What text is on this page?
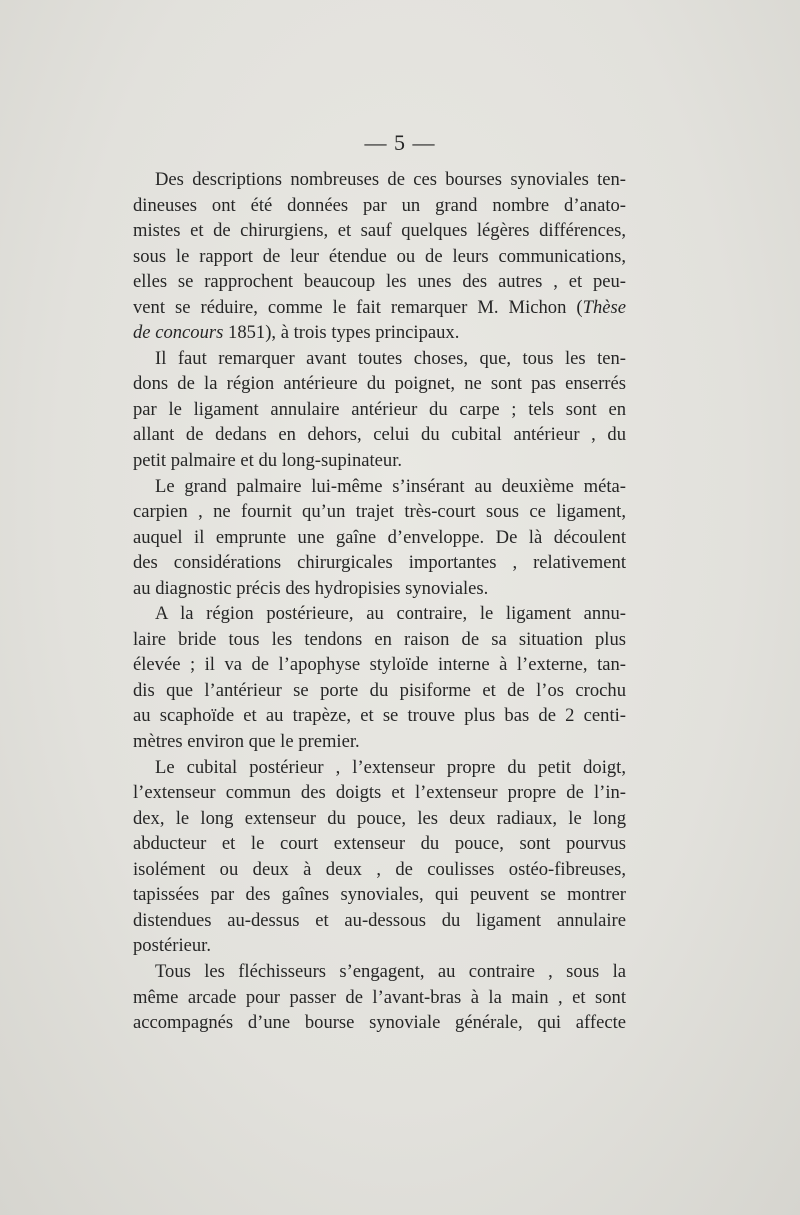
— 5 —
Des descriptions nombreuses de ces bourses synoviales ten-
dineuses ont été données par un grand nombre d’anato-
mistes et de chirurgiens, et sauf quelques légères différences,
sous le rapport de leur étendue ou de leurs communications,
elles se rapprochent beaucoup les unes des autres , et peu-
vent se réduire, comme le fait remarquer M. Michon (Thèse
de concours 1851), à trois types principaux.
Il faut remarquer avant toutes choses, que, tous les ten-
dons de la région antérieure du poignet, ne sont pas enserrés
par le ligament annulaire antérieur du carpe ; tels sont en
allant de dedans en dehors, celui du cubital antérieur , du
petit palmaire et du long-supinateur.
Le grand palmaire lui-même s’insérant au deuxième méta-
carpien , ne fournit qu’un trajet très-court sous ce ligament,
auquel il emprunte une gaîne d’enveloppe. De là découlent
des considérations chirurgicales importantes , relativement
au diagnostic précis des hydropisies synoviales.
A la région postérieure, au contraire, le ligament annu-
laire bride tous les tendons en raison de sa situation plus
élevée ; il va de l’apophyse styloïde interne à l’externe, tan-
dis que l’antérieur se porte du pisiforme et de l’os crochu
au scaphoïde et au trapèze, et se trouve plus bas de 2 centi-
mètres environ que le premier.
Le cubital postérieur , l’extenseur propre du petit doigt,
l’extenseur commun des doigts et l’extenseur propre de l’in-
dex, le long extenseur du pouce, les deux radiaux, le long
abducteur et le court extenseur du pouce, sont pourvus
isolément ou deux à deux , de coulisses ostéo-fibreuses,
tapissées par des gaînes synoviales, qui peuvent se montrer
distendues au-dessus et au-dessous du ligament annulaire
postérieur.
Tous les fléchisseurs s’engagent, au contraire , sous la
même arcade pour passer de l’avant-bras à la main , et sont
accompagnés d’une bourse synoviale générale, qui affecte
